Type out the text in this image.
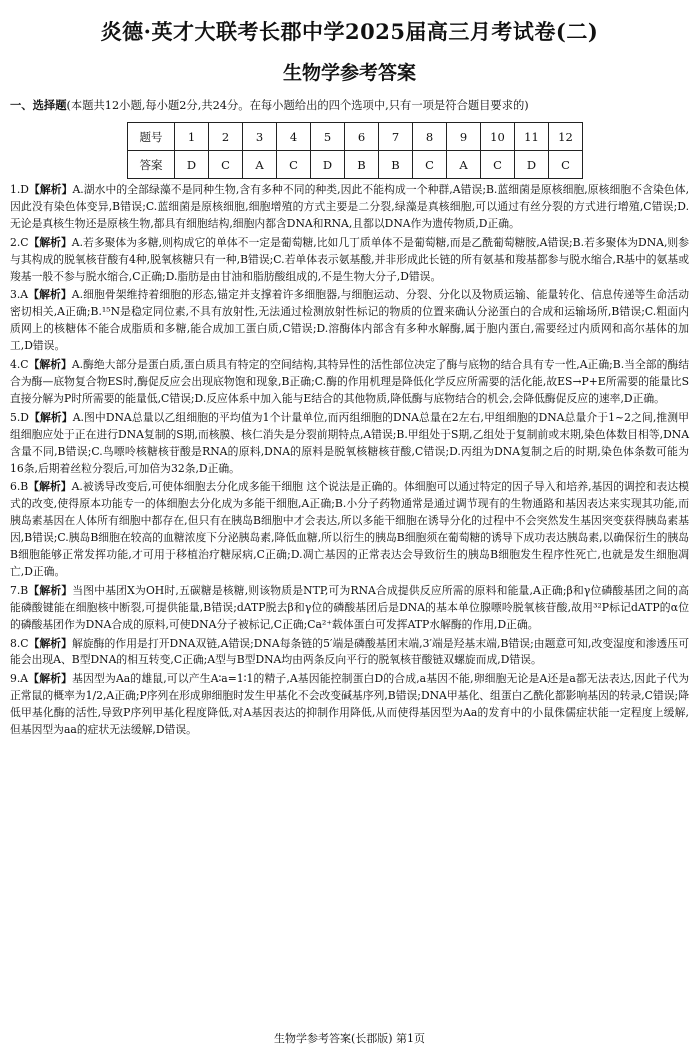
炎德·英才大联考长郡中学2025届高三月考试卷(二)
生物学参考答案
一、选择题(本题共12小题,每小题2分,共24分。在每小题给出的四个选项中,只有一项是符合题目要求的)
题号	1	2	3	4	5	6	7	8	9	10	11	12
答案	D	C	A	C	D	B	B	C	A	C	D	C

1.D【解析】A.湖水中的全部绿藻不是同种生物,含有多种不同的种类,因此不能构成一个种群,A错误;B.蓝细菌是原核细胞,原核细胞不含染色体,因此没有染色体变异,B错误;C.蓝细菌是原核细胞,细胞增殖的方式主要是二分裂,绿藻是真核细胞,可以通过有丝分裂的方式进行增殖,C错误;D.无论是真核生物还是原核生物,都具有细胞结构,细胞内都含DNA和RNA,且都以DNA作为遗传物质,D正确。

2.C【解析】A.若多聚体为多糖,则构成它的单体不一定是葡萄糖,比如几丁质单体不是葡萄糖,而是乙酰葡萄糖胺,A错误;B.若多聚体为DNA,则参与其构成的脱氧核苷酸有4种,脱氧核糖只有一种,B错误;C.若单体表示氨基酸,并非形成此长链的所有氨基和羧基都参与脱水缩合,R基中的氨基或羧基一般不参与脱水缩合,C正确;D.脂肪是由甘油和脂肪酸组成的,不是生物大分子,D错误。

3.A【解析】A.细胞骨架维持着细胞的形态,锚定并支撑着许多细胞器,与细胞运动、分裂、分化以及物质运输、能量转化、信息传递等生命活动密切相关,A正确;B.¹⁵N是稳定同位素,不具有放射性,无法通过检测放射性标记的物质的位置来确认分泌蛋白的合成和运输场所,B错误;C.粗面内质网上的核糖体不能合成脂质和多糖,能合成加工蛋白质,C错误;D.溶酶体内部含有多种水解酶,属于胞内蛋白,需要经过内质网和高尔基体的加工,D错误。

4.C【解析】A.酶绝大部分是蛋白质,蛋白质具有特定的空间结构,其特异性的活性部位决定了酶与底物的结合具有专一性,A正确;B.当全部的酶结合为酶—底物复合物ES时,酶促反应会出现底物饱和现象,B正确;C.酶的作用机理是降低化学反应所需要的活化能,故ES→P+E所需要的能量比S直接分解为P时所需要的能量低,C错误;D.反应体系中加入能与E结合的其他物质,降低酶与底物结合的机会,会降低酶促反应的速率,D正确。

5.D【解析】A.图中DNA总量以乙组细胞的平均值为1个计量单位,而丙组细胞的DNA总量在2左右,甲组细胞的DNA总量介于1~2之间,推测甲组细胞应处于正在进行DNA复制的S期,而核膜、核仁消失是分裂前期特点,A错误;B.甲组处于S期,乙组处于复制前或末期,染色体数目相等,DNA含量不同,B错误;C.鸟嘌呤核糖核苷酸是RNA的原料,DNA的原料是脱氧核糖核苷酸,C错误;D.丙组为DNA复制之后的时期,染色体条数可能为16条,后期着丝粒分裂后,可加倍为32条,D正确。

6.B【解析】A.被诱导改变后,可使体细胞去分化成多能干细胞 这个说法是正确的。体细胞可以通过特定的因子导入和培养,基因的调控和表达模式的改变,使得原本功能专一的体细胞去分化成为多能干细胞,A正确;B.小分子药物通常是通过调节现有的生物通路和基因表达来实现其功能,而胰岛素基因在人体所有细胞中都存在,但只有在胰岛B细胞中才会表达,所以多能干细胞在诱导分化的过程中不会突然发生基因突变获得胰岛素基因,B错误;C.胰岛B细胞在较高的血糖浓度下分泌胰岛素,降低血糖,所以衍生的胰岛B细胞须在葡萄糖的诱导下成功表达胰岛素,以确保衍生的胰岛B细胞能够正常发挥功能,才可用于移植治疗糖尿病,C正确;D.凋亡基因的正常表达会导致衍生的胰岛B细胞发生程序性死亡,也就是发生细胞凋亡,D正确。

7.B【解析】当图中基团X为OH时,五碳糖是核糖,则该物质是NTP,可为RNA合成提供反应所需的原料和能量,A正确;β和γ位磷酸基团之间的高能磷酸键能在细胞核中断裂,可提供能量,B错误;dATP脱去β和γ位的磷酸基团后是DNA的基本单位腺嘌呤脱氧核苷酸,故用³²P标记dATP的α位的磷酸基团作为DNA合成的原料,可使DNA分子被标记,C正确;Ca²⁺载体蛋白可发挥ATP水解酶的作用,D正确。

8.C【解析】解旋酶的作用是打开DNA双链,A错误;DNA每条链的5′端是磷酸基团末端,3′端是羟基末端,B错误;由题意可知,改变湿度和渗透压可能会出现A、B型DNA的相互转变,C正确;A型与B型DNA均由两条反向平行的脱氧核苷酸链双螺旋而成,D错误。

9.A【解析】基因型为Aa的雄鼠,可以产生A∶a=1∶1的精子,A基因能控制蛋白D的合成,a基因不能,卵细胞无论是A还是a都无法表达,因此子代为正常鼠的概率为1/2,A正确;P序列在形成卵细胞时发生甲基化不会改变碱基序列,B错误;DNA甲基化、组蛋白乙酰化都影响基因的转录,C错误;降低甲基化酶的活性,导致P序列甲基化程度降低,对A基因表达的抑制作用降低,从而使得基因型为Aa的发育中的小鼠侏儒症状能一定程度上缓解,但基因型为aa的症状无法缓解,D错误。

生物学参考答案(长郡版) 第1页
